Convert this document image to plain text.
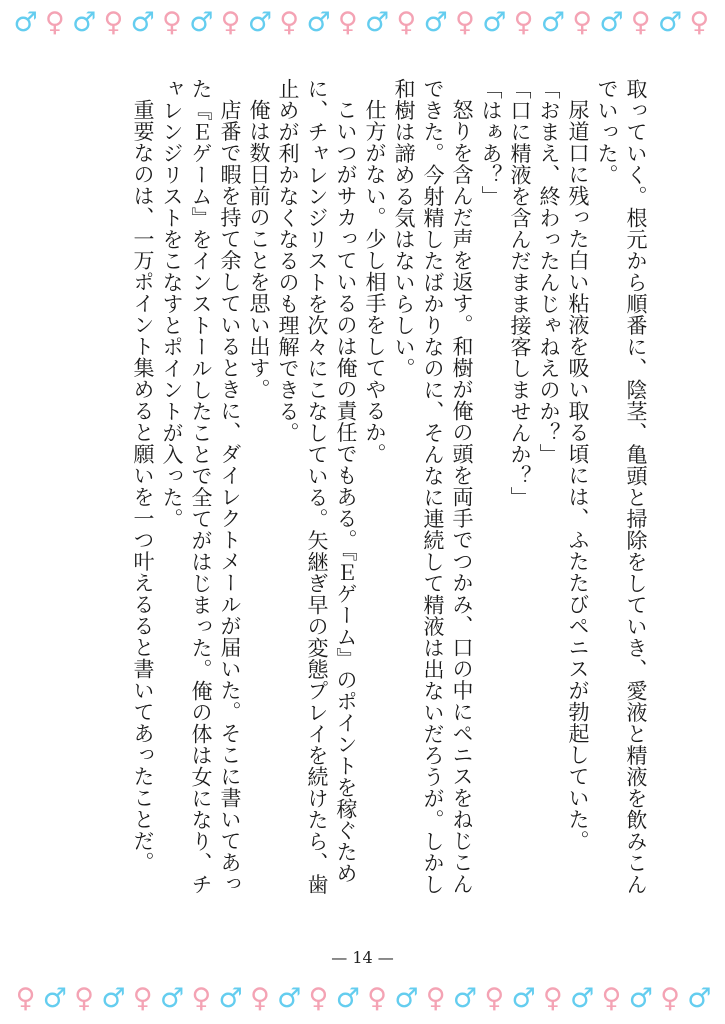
♂ ♀ ♂ ♀ ♂ ♀ ♂ ♀ ♂ ♀ ♂ ♀ ♂ ♀ ♂ ♀ ♂ ♀ ♂ ♀ ♂ ♀ ♂ ♀

取っていく。根元から順番に、陰茎、亀頭と掃除をしていき、愛液と精液を飲みこんでいった。

尿道口に残った白い粘液を吸い取る頃には、ふたたびペニスが勃起していた。

「おまえ、終わったんじゃねえのか？」

「口に精液を含んだまま接客しませんか？」

「はぁあ？」

怒りを含んだ声を返す。和樹が俺の頭を両手でつかみ、口の中にペニスをねじこんできた。今射精したばかりなのに、そんなに連続して精液は出ないだろうが。しかし和樹は諦める気はないらしい。

仕方がない。少し相手をしてやるか。

こいつがサカっているのは俺の責任でもある。『Ｅゲーム』のポイントを稼ぐために、チャレンジリストを次々にこなしている。矢継ぎ早の変態プレイを続けたら、歯止めが利かなくなるのも理解できる。

俺は数日前のことを思い出す。

店番で暇を持て余しているときに、ダイレクトメールが届いた。そこに書いてあった『Ｅゲーム』をインストールしたことで全てがはじまった。俺の体は女になり、チャレンジリストをこなすとポイントが入った。

重要なのは、一万ポイント集めると願いを一つ叶えるると書いてあったことだ。

— 14 —
♀ ♂ ♀ ♂ ♀ ♂ ♀ ♂ ♀ ♂ ♀ ♂ ♀ ♂ ♀ ♂ ♀ ♂ ♀ ♂ ♀ ♂ ♀ ♂
